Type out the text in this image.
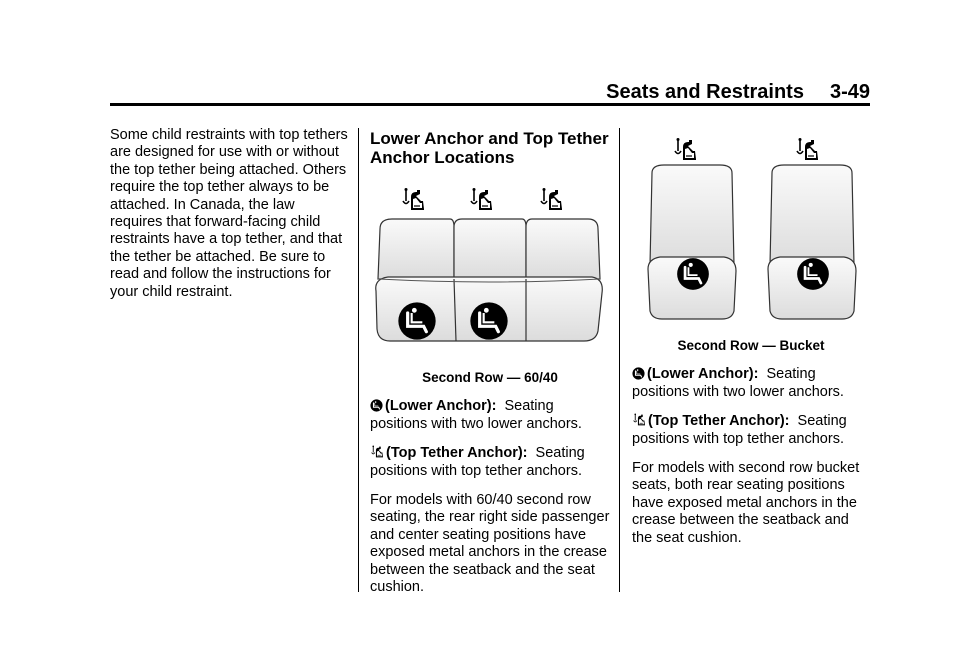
Seats and Restraints 3-49

Some child restraints with top tethers are designed for use with or without the top tether being attached. Others require the top tether always to be attached. In Canada, the law requires that forward-facing child restraints have a top tether, and that the tether be attached. Be sure to read and follow the instructions for your child restraint.

Lower Anchor and Top Tether Anchor Locations
Second Row — 60/40

(Lower Anchor): Seating positions with two lower anchors.

(Top Tether Anchor): Seating positions with top tether anchors.

For models with 60/40 second row seating, the rear right side passenger and center seating positions have exposed metal anchors in the crease between the seatback and the seat cushion.

Second Row — Bucket

(Lower Anchor): Seating positions with two lower anchors.

(Top Tether Anchor): Seating positions with top tether anchors.

For models with second row bucket seats, both rear seating positions have exposed metal anchors in the crease between the seatback and the seat cushion.
